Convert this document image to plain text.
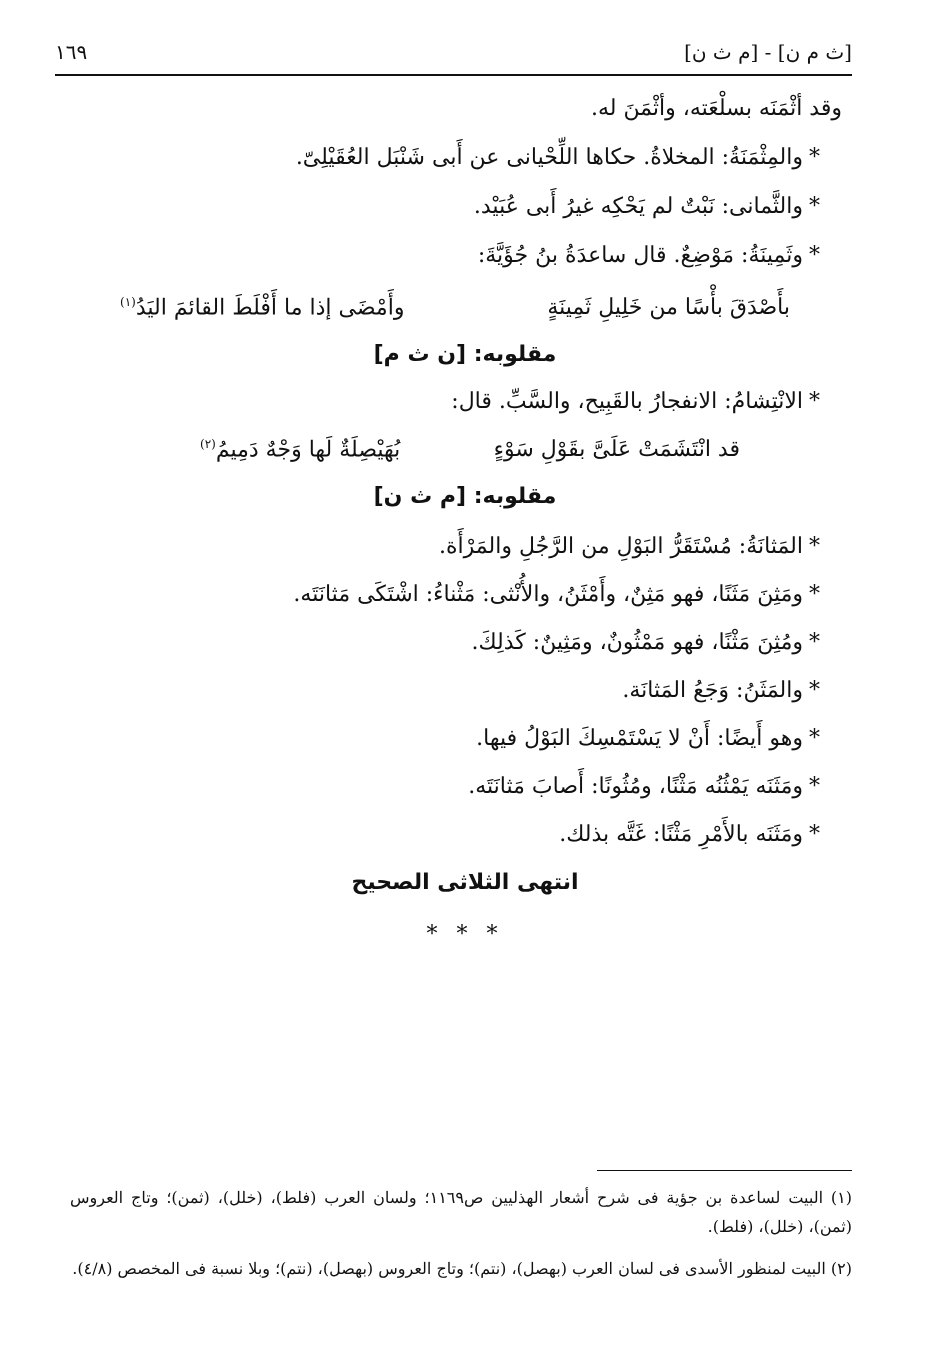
[ث م ن] - [م ث ن]
١٦٩
وقد أثْمَنَه بسلْعَته، وأثْمَنَ له.
*والمِثْمَنَةُ: المخلاةُ. حكاها اللِّحْيانى عن أَبى شَنْبَل العُقَيْلِىّ.
*والثَّمانى: نَبْتٌ لم يَحْكِه غيرُ أَبى عُبَيْد.
*وثَمِينَةُ: مَوْضِعٌ. قال ساعدَةُ بنُ جُؤَيَّةَ:
بأَصْدَقَ بأْسًا من خَلِيلِ ثَمِينَةٍ
وأَمْضَى إذا ما أَفْلَطَ القائمَ اليَدُ$^{(١)}$
مقلوبه: [ن ث م]
*الانْتِشامُ: الانفجارُ بالقَبِيح، والسَّبِّ. قال:
قد انْتَشَمَتْ عَلَىَّ بقَوْلِ سَوْءٍ
بُهَيْصِلَةٌ لَها وَجْهٌ دَمِيمُ$^{(٢)}$
مقلوبه: [م ث ن]
*المَثانَةُ: مُسْتَقَرُّ البَوْلِ من الرَّجُلِ والمَرْأَة.
*ومَثِنَ مَثَنًا، فهو مَثِنٌ، وأَمْثَنُ، والأُنْثى: مَثْناءُ: اشْتَكَى مَثانَتَه.
*ومُثِنَ مَثْنًا، فهو مَمْثُونٌ، ومَثِينٌ: كَذلِكَ.
*والمَثَنُ: وَجَعُ المَثانَة.
*وهو أَيضًا: أَنْ لا يَسْتَمْسِكَ البَوْلُ فيها.
*ومَثَنَه يَمْثُنُه مَثْنًا، ومُثُونًا: أَصابَ مَثانَتَه.
*ومَثَنَه بالأَمْرِ مَثْنًا: غَتَّه بذلك.
انتهى الثلاثى الصحيح
* * *
(١) البيت لساعدة بن جؤية فى شرح أشعار الهذليين ص١١٦٩؛ ولسان العرب (فلط)، (خلل)، (ثمن)؛ وتاج العروس (ثمن)، (خلل)، (فلط).
(٢) البيت لمنظور الأسدى فى لسان العرب (بهصل)، (نتم)؛ وتاج العروس (بهصل)، (نتم)؛ وبلا نسبة فى المخصص (٤/٨).
